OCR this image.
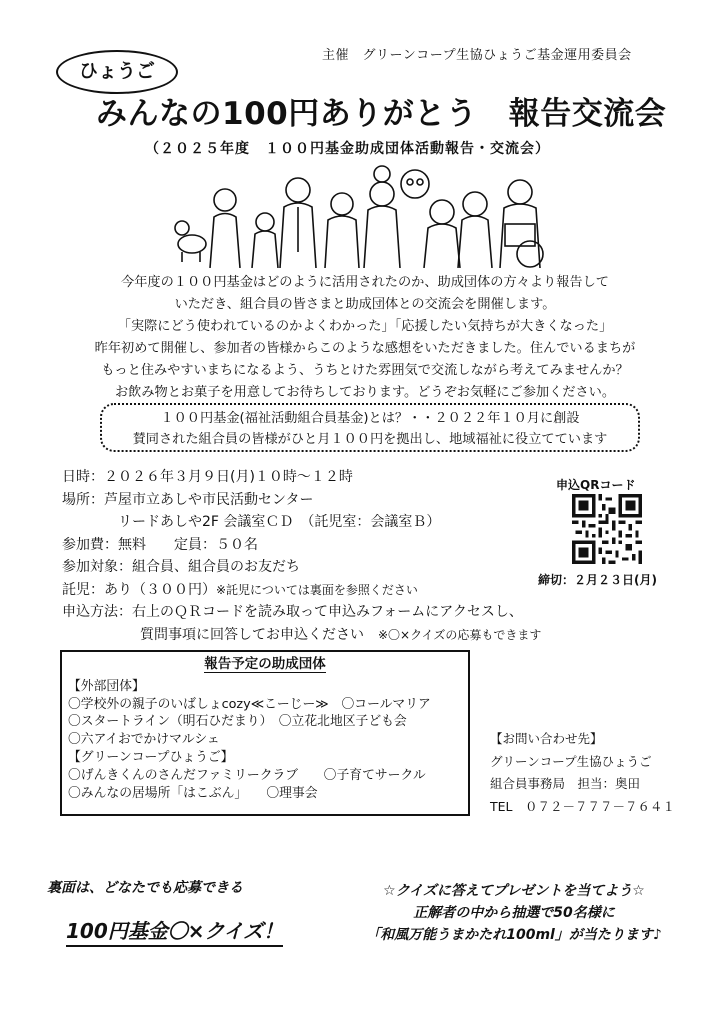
主催　グリーンコープ生協ひょうご基金運用委員会
ひょうご
みんなの100円ありがとう　報告交流会
（２０２５年度　１００円基金助成団体活動報告・交流会）

今年度の１００円基金はどのように活用されたのか、助成団体の方々より報告して

いただき、組合員の皆さまと助成団体との交流会を開催します。

「実際にどう使われているのかよくわかった」「応援したい気持ちが大きくなった」

昨年初めて開催し、参加者の皆様からこのような感想をいただきました。住んでいるまちが

もっと住みやすいまちになるよう、うちとけた雰囲気で交流しながら考えてみませんか？

お飲み物とお菓子を用意してお待ちしております。どうぞお気軽にご参加ください。

１００円基金(福祉活動組合員基金)とは？・・２０２２年１０月に創設
賛同された組合員の皆様がひと月１００円を拠出し、地域福祉に役立てています
日時：２０２６年３月９日(月)１０時～１２時
場所：芦屋市立あしや市民活動センター
リードあしや2F 会議室ＣＤ　（託児室：会議室Ｂ）
参加費：無料　　定員：５０名
参加対象：組合員、組合員のお友だち
託児：あり（３００円）※託児については裏面を参照ください
申込方法：右上のＱＲコードを読み取って申込みフォームにアクセスし、
質問事項に回答してお申込ください　 ※〇×クイズの応募もできます
申込QRコード
締切：２月２３日(月)
報告予定の助成団体
【外部団体】
〇学校外の親子のいばしょcozy≪こーじー≫　〇コールマリア
〇スタートライン（明石ひだまり）　〇立花北地区子ども会
〇六アイおでかけマルシェ
【グリーンコープひょうご】
〇げんきくんのさんだファミリークラブ　　〇子育てサークル
〇みんなの居場所「はこぶん」　　〇理事会
【お問い合わせ先】
グリーンコープ生協ひょうご
組合員事務局　担当：奥田
TEL　０７２－７７７－７６４１
裏面は、どなたでも応募できる
100円基金〇×クイズ！
☆クイズに答えてプレゼントを当てよう☆
正解者の中から抽選で50名様に
「和風万能うまかたれ100ml」が当たります♪
